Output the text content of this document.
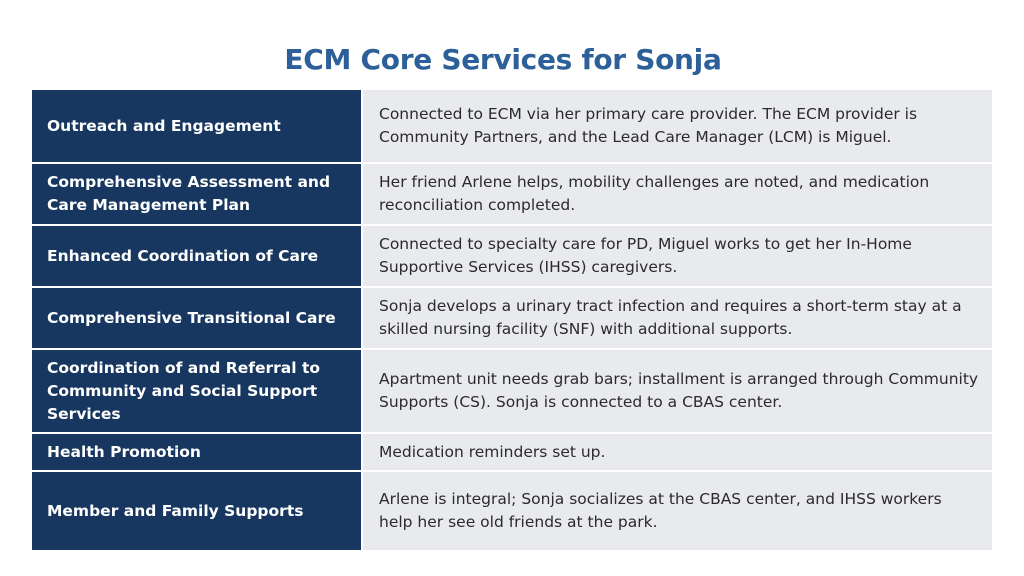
ECM Core Services for Sonja
Outreach and Engagement
Connected to ECM via her primary care provider. The ECM provider is Community Partners, and the Lead Care Manager (LCM) is Miguel.
Comprehensive Assessment and Care Management Plan
Her friend Arlene helps, mobility challenges are noted, and medication reconciliation completed.
Enhanced Coordination of Care
Connected to specialty care for PD, Miguel works to get her In-Home Supportive Services (IHSS) caregivers.
Comprehensive Transitional Care
Sonja develops a urinary tract infection and requires a short-term stay at a skilled nursing facility (SNF) with additional supports.
Coordination of and Referral to Community and Social Support Services
Apartment unit needs grab bars; installment is arranged through Community Supports (CS). Sonja is connected to a CBAS center.
Health Promotion	Medication reminders set up.
Member and Family Supports
Arlene is integral; Sonja socializes at the CBAS center, and IHSS workers help her see old friends at the park.
